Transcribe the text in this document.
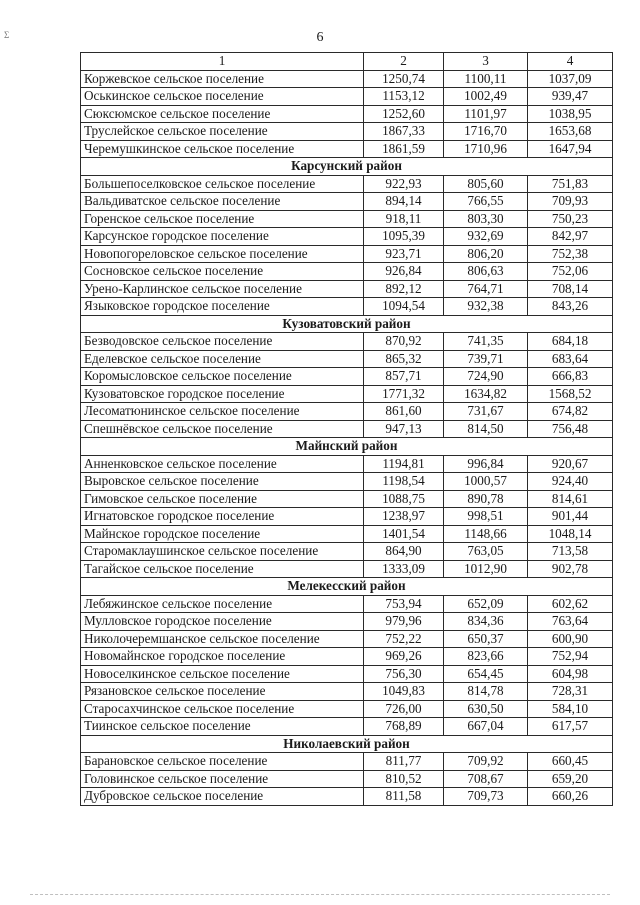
6
Σ
1	2	3	4
Коржевское сельское поселение	1250,74	1100,11	1037,09
Оськинское сельское поселение	1153,12	1002,49	939,47
Сюксюмское сельское поселение	1252,60	1101,97	1038,95
Труслейское сельское поселение	1867,33	1716,70	1653,68
Черемушкинское сельское поселение	1861,59	1710,96	1647,94
Карсунский район			
Большепоселковское сельское поселение	922,93	805,60	751,83
Вальдиватское сельское поселение	894,14	766,55	709,93
Горенское сельское поселение	918,11	803,30	750,23
Карсунское городское поселение	1095,39	932,69	842,97
Новопогореловское сельское поселение	923,71	806,20	752,38
Сосновское сельское поселение	926,84	806,63	752,06
Урено-Карлинское сельское поселение	892,12	764,71	708,14
Языковское городское поселение	1094,54	932,38	843,26
Кузоватовский район			
Безводовское сельское поселение	870,92	741,35	684,18
Еделевское сельское поселение	865,32	739,71	683,64
Коромысловское сельское поселение	857,71	724,90	666,83
Кузоватовское городское поселение	1771,32	1634,82	1568,52
Лесоматюнинское сельское поселение	861,60	731,67	674,82
Спешнёвское сельское поселение	947,13	814,50	756,48
Майнский район			
Анненковское сельское поселение	1194,81	996,84	920,67
Выровское сельское поселение	1198,54	1000,57	924,40
Гимовское сельское поселение	1088,75	890,78	814,61
Игнатовское городское поселение	1238,97	998,51	901,44
Майнское городское поселение	1401,54	1148,66	1048,14
Старомаклаушинское сельское поселение	864,90	763,05	713,58
Тагайское сельское поселение	1333,09	1012,90	902,78
Мелекесский район			
Лебяжинское сельское поселение	753,94	652,09	602,62
Мулловское городское поселение	979,96	834,36	763,64
Николочеремшанское сельское поселение	752,22	650,37	600,90
Новомайнское городское поселение	969,26	823,66	752,94
Новоселкинское сельское поселение	756,30	654,45	604,98
Рязановское сельское поселение	1049,83	814,78	728,31
Старосахчинское сельское поселение	726,00	630,50	584,10
Тиинское сельское поселение	768,89	667,04	617,57
Николаевский район			
Барановское сельское поселение	811,77	709,92	660,45
Головинское сельское поселение	810,52	708,67	659,20
Дубровское сельское поселение	811,58	709,73	660,26
